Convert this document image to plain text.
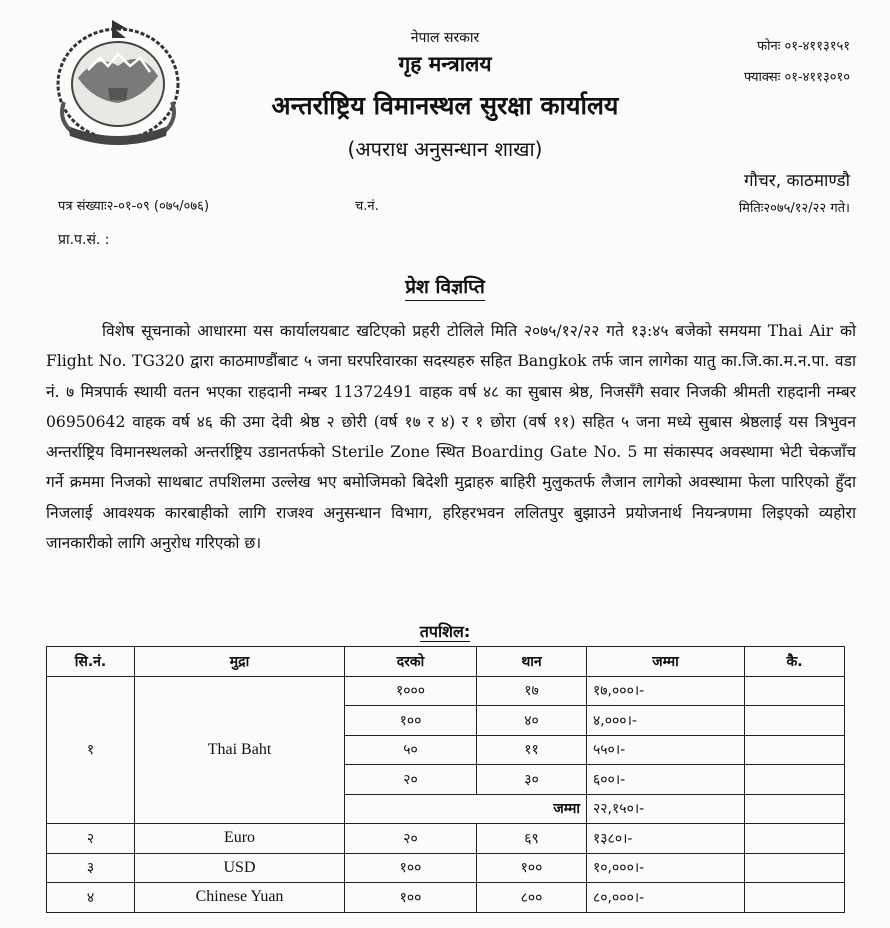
नेपाल सरकार
गृह मन्त्रालय
अन्तर्राष्ट्रिय विमानस्थल सुरक्षा कार्यालय
(अपराध अनुसन्धान शाखा)
फोनः ०१-४११३१५१
फ्याक्सः ०१-४११३०१०
गौचर, काठमाण्डौ
पत्र संख्याः२-०१-०९ (०७५/०७६)	च.नं.	मितिः२०७५/१२/२२ गते।
प्रा.प.सं. :
प्रेश विज्ञप्ति
विशेष सूचनाको आधारमा यस कार्यालयबाट खटिएको प्रहरी टोलिले मिति २०७५/१२/२२ गते १३:४५ बजेको समयमा Thai Air को Flight No. TG320 द्वारा काठमाण्डौंबाट ५ जना घरपरिवारका सदस्यहरु सहित Bangkok तर्फ जान लागेका यातु का.जि.का.म.न.पा. वडा नं. ७ मित्रपार्क स्थायी वतन भएका राहदानी नम्बर 11372491 वाहक वर्ष ४८ का सुबास श्रेष्ठ, निजसँगै सवार निजकी श्रीमती राहदानी नम्बर 06950642 वाहक वर्ष ४६ की उमा देवी श्रेष्ठ २ छोरी (वर्ष १७ र ४) र १ छोरा (वर्ष ११) सहित ५ जना मध्ये सुबास श्रेष्ठलाई यस त्रिभुवन अन्तर्राष्ट्रिय विमानस्थलको अन्तर्राष्ट्रिय उडानतर्फको Sterile Zone स्थित Boarding Gate No. 5 मा संकास्पद अवस्थामा भेटी चेकजाँच गर्ने क्रममा निजको साथबाट तपशिलमा उल्लेख भए बमोजिमको बिदेशी मुद्राहरु बाहिरी मुलुकतर्फ लैजान लागेको अवस्थामा फेला पारिएको हुँदा निजलाई आवश्यक कारबाहीको लागि राजश्व अनुसन्धान विभाग, हरिहरभवन ललितपुर बुझाउने प्रयोजनार्थ नियन्त्रणमा लिइएको व्यहोरा जानकारीको लागि अनुरोध गरिएको छ।
तपशिल:
सि.नं.	मुद्रा	दरको	थान	जम्मा	कै.
१	Thai Baht	१०००	१७	१७,०००।-	
		१००	४०	४,०००।-	
		५०	११	५५०।-	
		२०	३०	६००।-	
		जम्मा		२२,१५०।-	
२	Euro	२०	६९	१३८०।-	
३	USD	१००	१००	१०,०००।-	
४	Chinese Yuan	१००	८००	८०,०००।-	
